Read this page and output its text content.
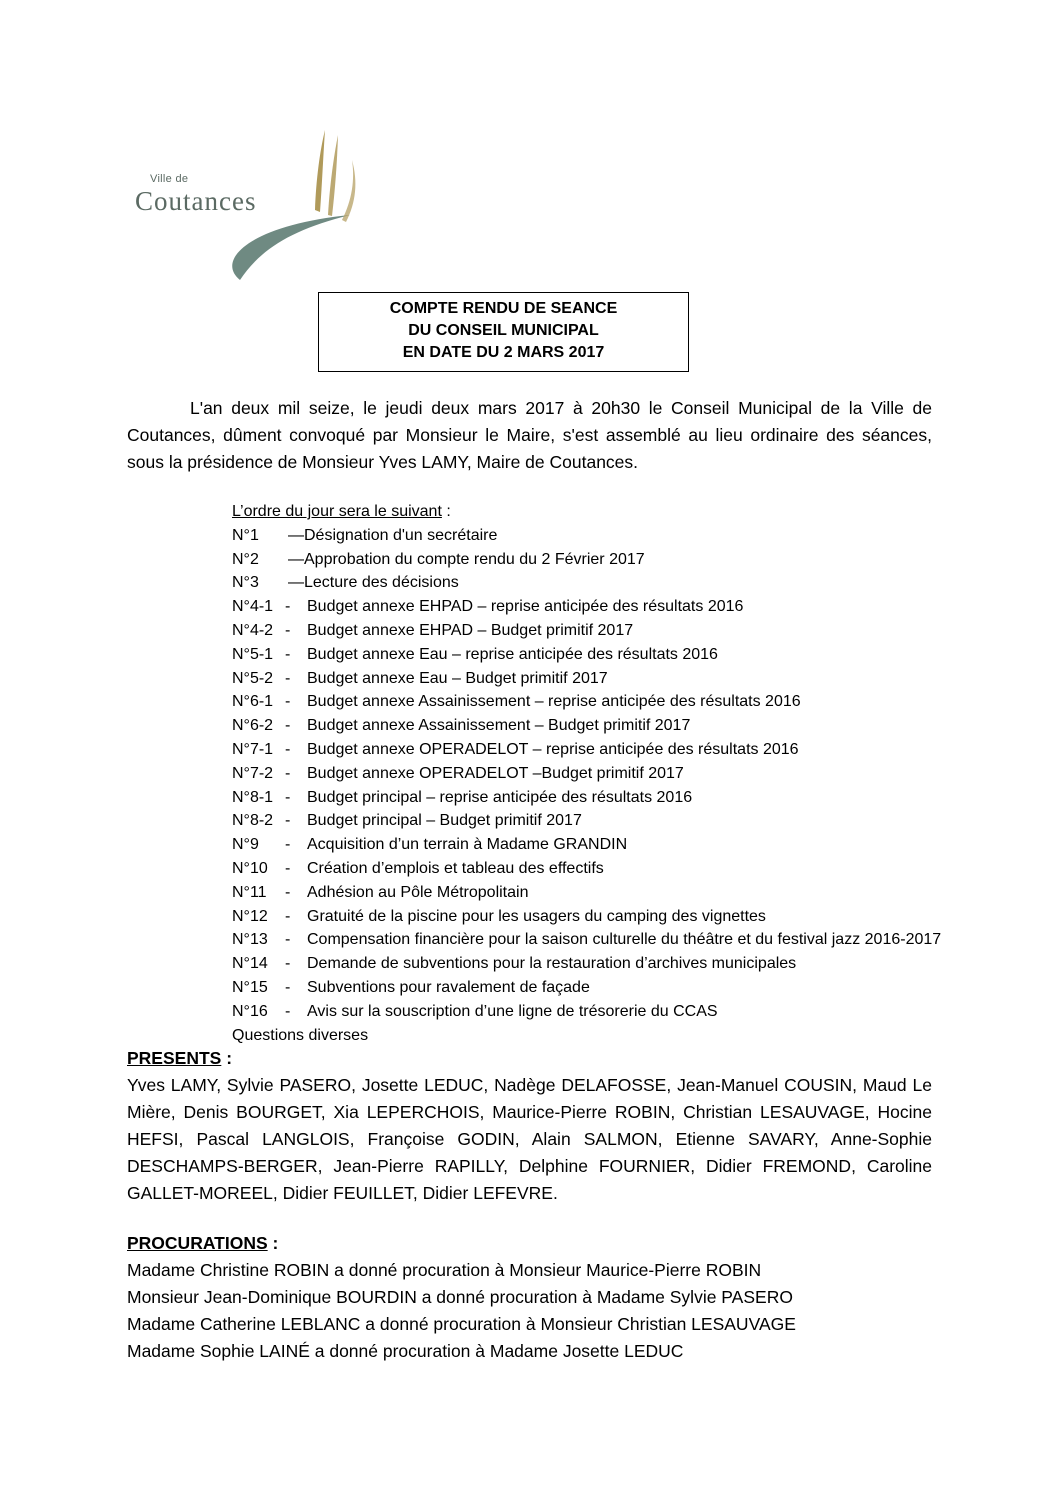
Ville de
Coutances
COMPTE RENDU DE SEANCE
DU CONSEIL MUNICIPAL
EN DATE DU 2 MARS 2017
L'an deux mil seize, le jeudi deux mars 2017 à 20h30 le Conseil Municipal de la Ville de Coutances, dûment convoqué par Monsieur le Maire, s'est assemblé au lieu ordinaire des séances, sous la présidence de Monsieur Yves LAMY, Maire de Coutances.
L’ordre du jour sera le suivant :
N°1 — Désignation d'un secrétaire
N°2 — Approbation du compte rendu du 2 Février 2017
N°3 — Lecture des décisions
N°4-1 - Budget annexe EHPAD – reprise anticipée des résultats 2016
N°4-2 - Budget annexe EHPAD – Budget primitif 2017
N°5-1 - Budget annexe Eau – reprise anticipée des résultats 2016
N°5-2 - Budget annexe Eau – Budget primitif 2017
N°6-1 - Budget annexe Assainissement – reprise anticipée des résultats 2016
N°6-2 - Budget annexe Assainissement – Budget primitif 2017
N°7-1 - Budget annexe OPERADELOT – reprise anticipée des résultats 2016
N°7-2 - Budget annexe OPERADELOT –Budget primitif 2017
N°8-1 - Budget principal – reprise anticipée des résultats 2016
N°8-2 - Budget principal – Budget primitif 2017
N°9 - Acquisition d’un terrain à Madame GRANDIN
N°10 - Création d’emplois et tableau des effectifs
N°11 - Adhésion au Pôle Métropolitain
N°12 - Gratuité de la piscine pour les usagers du camping des vignettes
N°13 - Compensation financière pour la saison culturelle du théâtre et du festival jazz 2016-2017
N°14 - Demande de subventions pour la restauration d’archives municipales
N°15 - Subventions pour ravalement de façade
N°16 - Avis sur la souscription d’une ligne de trésorerie du CCAS
Questions diverses
PRESENTS :
Yves LAMY, Sylvie PASERO, Josette LEDUC, Nadège DELAFOSSE, Jean-Manuel COUSIN, Maud Le Mière, Denis BOURGET, Xia LEPERCHOIS, Maurice-Pierre ROBIN, Christian LESAUVAGE, Hocine HEFSI, Pascal LANGLOIS, Françoise GODIN, Alain SALMON, Etienne SAVARY, Anne-Sophie DESCHAMPS-BERGER, Jean-Pierre RAPILLY, Delphine FOURNIER, Didier FREMOND, Caroline GALLET-MOREEL, Didier FEUILLET, Didier LEFEVRE.
PROCURATIONS :
Madame Christine ROBIN a donné procuration à Monsieur Maurice-Pierre ROBIN
Monsieur Jean-Dominique BOURDIN a donné procuration à Madame Sylvie PASERO
Madame Catherine LEBLANC a donné procuration à Monsieur Christian LESAUVAGE
Madame Sophie LAINÉ a donné procuration à Madame Josette LEDUC
